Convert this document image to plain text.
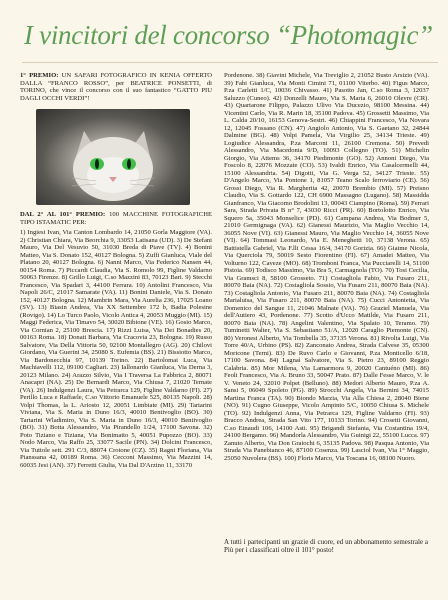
I vincitori del concorso “Photomagic”

1° PREMIO: UN SAFARI FOTOGRAFICO IN KENIA OFFERTO DALLA “FRANCO ROSSO”, per BEATRICE PONSETTI, di TORINO, che vince il concorso con il suo fantastico “GATTO PIU DAGLI OCCHI VERDI”!

DAL 2° AL 101° PREMIO: 100 MACCHINE FOTOGRAFICHE TIPO ISTAMATIC PER:

1) Ingiesi Ivan, Via Canton Lombardo 14, 21050 Gorla Maggiore (VA). 2) Christian Chiara, Via Beorchia 9, 33053 Latisana (UD). 3) De Stefani Mauro, Via Del Vesuvio 50, 31030 Breda di Piave (TV). 4) Bonini Matteo, Via S. Donato 152, 40127 Bologna. 5) Zuffi Gianluca, Viale del Platano 20, 40127 Bologna. 6) Nanni Marco, Via Federico Nansen 44, 00154 Roma. 7) Piccardi Claudia, Via S. Romolo 99, Figline Valdarno 50063 Firenze. 8) Grillo Luigi, C.so Mazzini 83, 70123 Bari. 9) Stecchi Francesco, Via Spadari 3, 44100 Ferrara. 10) Antolini Francesco, Via Napoli 26/C, 21017 Samarate (VA). 11) Bonini Daniele, Via S. Donato 152, 40127 Bologna. 12) Mambrin Mara, Via Aurelia 236, 17025 Loano (SV). 13) Biasin Andrea, Via XX Settembre 172 b, Badia Polesine (Rovigo). 14) Lo Turco Paolo, Vicolo Antica 4, 20053 Muggio (MI). 15) Maggi Federica, Via Timavo 54, 30020 Bibione (VE). 16) Gosio Marco, Via Cornian 2, 25100 Brescia. 17) Rizzi Luisa, Via Dei Bonadies 20, 00163 Roma. 18) Donati Barbara, Via Cracovia 23, Bologna. 19) Russo Salvatore, Via Della Vittoria 50, 92100 Montallegro (AG). 20) Chilovi Giordano, Via Guerini 34, 25080 S. Eufemia (BS). 21) Bissiotto Marco, Via Bardonecchia 97, 10139 Torino. 22) Bartolomai Luca, Via Machiavelli 112, 09100 Cagliari. 23) Iallonardo Gianluca, Via Derna 3, 20123 Milano. 24) Arazzo Silvio, Via I Traversa La Fabbrica 2, 80071 Anacapri (NA). 25) De Bernardi Marco, Via Chiusa 7, 21020 Ternate (VA). 26) Indulgenzi Laura, Via Petrarca 129, Figline Valdarno (FI). 27) Perillo Luca e Raffaele, C.so Vittorio Emanuele 525, 80135 Napoli. 28) Volpi Thomas, la L. Ariosto 12, 20051 Limbiate (MI). 29) Tartarini Viviana, Via S. Maria in Duno 16/3, 40010 Bentivoglio (BO). 30) Tartarini Wladimiro, Via S. Maria in Duno 16/3, 40010 Bentivoglio (BO). 31) Botta Alessandro, Via Pirandello 1/24, 17100 Savona. 32) Poto Tiziano e Tiziana, Via Bonimatto 5, 40051 Pupozzo (BO). 33) Nodo Marco, Via Raffo 25, 33077 Sacile (PN). 34) Dolcini Francesco, Via Tuttole sett. 291 C/3, 88074 Crotone (CZ). 35) Ragni Floriana, Via Pianssana 42, 00189 Roma. 36) Cecconi Massimo, Via Mazzini 14, 60035 Jesi (AN). 37) Ferretti Giulia, Via Dal D'Arzino 11, 33170

Pordenone. 38) Giavini Michele, Via Treviglio 2, 21052 Busto Arsizio (VA). 39) Fabi Gianluca, Via Monti Cimini 71, 01100 Viterbo. 40) Figus Marco, P.za Carletti 1/C, 10036 Chivasso. 41) Pasotto Jan, C.so Roma 3, 12037 Saluzzo (Cuneo). 42) Donzelli Mauro, Via S. Maria 6, 26010 Olevre (CR). 43) Quartarone Filippo, Palazzo Ulivo Via Ducezio, 98100 Messina. 44) Vicentini Carlo, Via R. Marin 18, 35100 Padova. 45) Grossetti Massimo, Via L. Calda 20/10, 16153 Genova-Sestri. 46) Chiappini Francesco, Via Novara 12, 12045 Fossano (CN). 47) Angiolo Antonio, Via S. Gaetano 32, 24844 Dalmine (BG). 48) Volpi Pamela, Via Virgilio 25, 34134 Trieste. 49) Logiudice Alessandra, P.za Marconi 11, 26100 Cremona. 50) Prevedi Alessandro, Via Macedonia 9/D, 10093 Collegno (TO). 51) Michelin Giorgio, Via Attems 36, 34170 Piedimonte (GO). 52) Annoni Diego, Via Foscolo 8, 22076 Mozzate (CO). 53) Ivaldi Enrico, Via Casalcermelli 44, 15100 Alessandria. 54) Digotti, Via G. Verga 52, 34127 Trieste. 55) D'Angelo Marco, Via Pontone 1, 81057 Teano Scalo ferroviario (CE). 56) Grossi Diego, Via R. Margherita 42, 20070 Brembio (MI). 57) Preisno Claudio, Via S. Gottardo 122, CH 6900 Massagno (Lugano). 58) Massidda Gianfranco, Via Giacomo Brodolini 13, 00043 Ciampino (Roma). 59) Ferrari Sara, Strada Privata B n° 7, 43030 Ricci (PR). 60) Bortolotto Enrico, Via Squero 5a, 35043 Monselice (PD). 61) Campana Andrea, Via Bodmer 5, 21010 Germignaga (VA). 62) Gianessi Maurizio, Via Maglio Vecchio 14, 36055 Nove (VI). 63) Gianessi Mauro, Via Maglio Vecchio 14, 36055 Nove (VI). 64) Tommasi Leonardo, Via E. Meneghetti 10, 37138 Verona. 65) Battistella Gabriel, Via F.lli Cessa 16/4, 34170 Gorizia. 66) Giaime Nicola, Via Querciola 79, 50019 Sesto Fiorentino (FI). 67) Amadei Matteo, Via Volturno 122, Caveze (MO). 68) Tromboni Franca, Via Pucciarelli 14, 51100 Pistoia. 69) Todisco Massimo, Via Bra 5, Carmagnola (TO). 70) Tosi Cecilia, Via Gramsci 8, 58100 Grosseto. 71) Costagliola Fabio, Via Fusaro 211, 80070 Baia (NA). 72) Costagliola Sossio, Via Fusaro 211, 80070 Baia (NA). 73) Costagliola Antonio, Via Fusaro 211, 80070 Baia (NA). 74) Costagliola Marialuisa, Via Fusaro 211, 80070 Baia (NA). 75) Cucci Antonietta, Via Domenico del Sangue 11, 21046 Malnate (VA). 76) Graziel Manuela, Via dell'Autiero 43, Pordenone. 77) Scotto d'Ucco Matilde, Via Fusaro 211, 80070 Baia (NA). 78) Angelini Valentino, Via Spalato 10, Teramo. 79) Tuminetti Walter, Via S. Sebastiano 51/A, 12020 Caraglio Piemonte (CN). 80) Veronesi Alberto, Via Tombella 35, 37135 Verona. 81) Rivolta Luigi, Via Torre 40/A, Urbino (PS). 82) Zanconato Andrea, Strada Calvese 35, 05300 Moricone (Terni). 83) De Ruvo Carlo e Giovanni, P.za Monticello 6/18, 17100 Savona. 84) Lagnaì Salvatore, Via S. Pietro 23, 89100 Reggio Calabria. 85) Mor Milena, Via Lamarmora 9, 20020 Cantuéno (MI). 86) Feoli Francesco, Via A. Bruno 33, 50047 Prato. 87) Dalle Fesse Marco, V. le V. Veneto 24, 32010 Polpet (Belluno). 88) Medori Alberto Mauro, P.za A. Sansi 5, 06049 Spoleto (PG). 89) Strocchi Angela, Via Bernini 34, 74015 Martina Franca (TA). 90) Biondo Marzia, Via Alla Chiesa 2, 28040 Biene (NO). 91) Cugno Giuseppe, Vicolo Ampinto 5/C, 10050 Chiusa S. Michele (TO). 92) Indulgenzi Anna, Via Petrarca 129, Figline Valdarno (FI). 93) Bracco Andrea, Strada San Vito 177, 10133 Torino. 94) Crosetti Giovanni, C.so Einaudi 106, 14100 Asti. 95) Brigandi Stefania, Via Costantina 19/4, 24100 Bergamo. 96) Mandorla Alessandro, Via Guinigi 22, 55100 Lucca. 97) Zanuto Alberto, Via Don Graiochi 6, 35135 Padova. 98) Pasqua Antonio, Via Strada Via Panebianco 46, 87100 Cosenza. 99) Lasciol Ivan, Via 1° Maggio, 25050 Nuvolera (BS). 100) Floris Marco, Via Toscana 16, 08100 Nuoro.

A tutti i partecipanti un grazie di cuore, ed un abbonamento semestrale a Più per i classificati oltre il 101° posto!
